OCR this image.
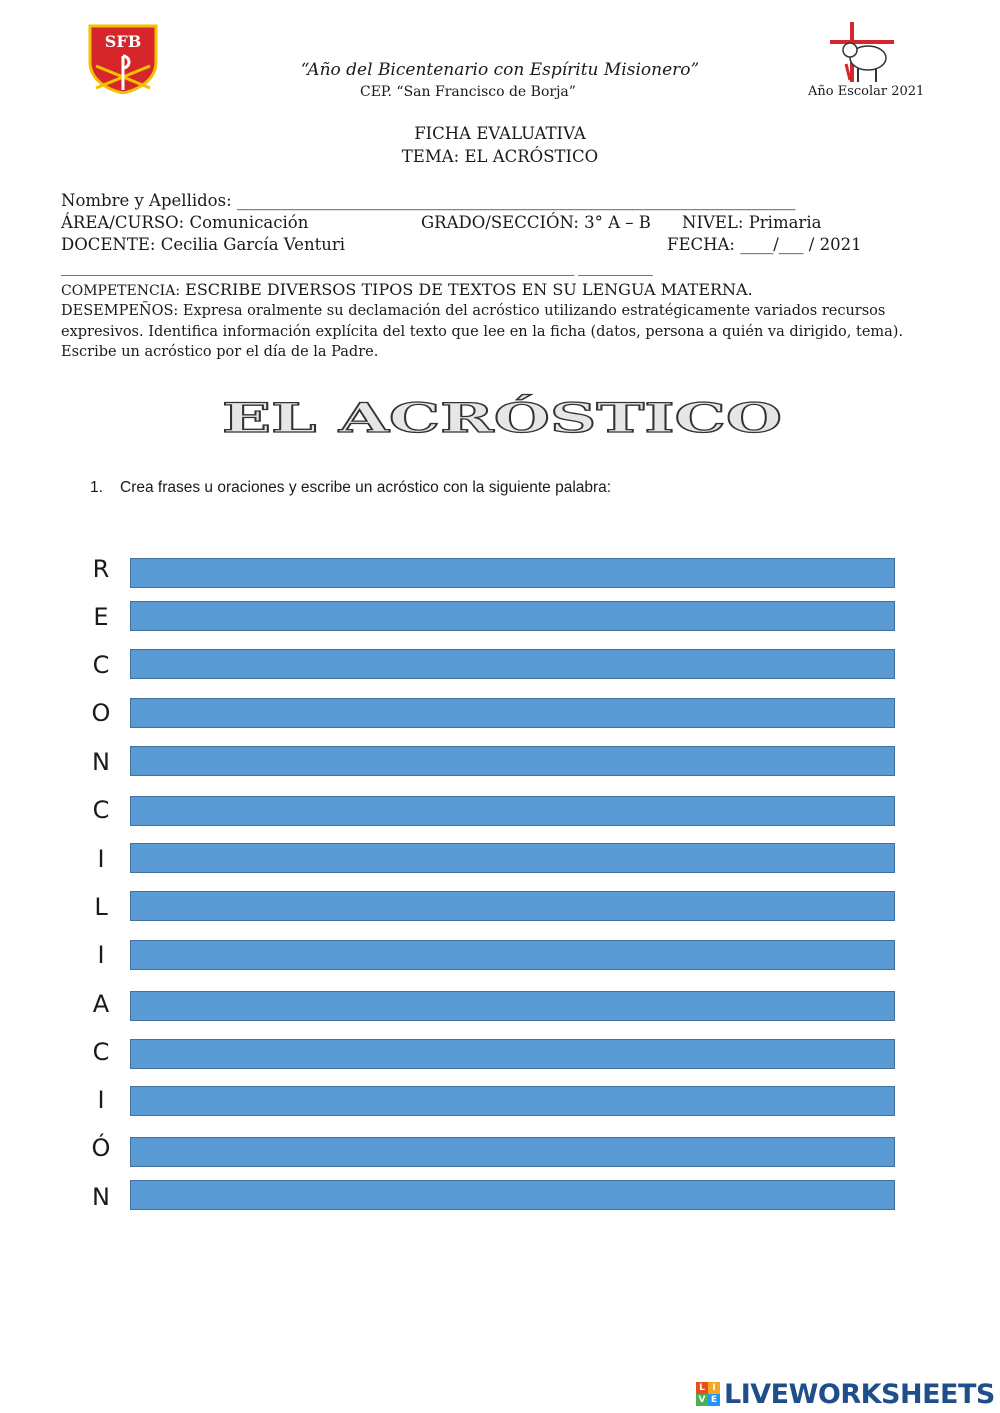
SFB
“Año del Bicentenario con Espíritu Misionero”
CEP. “San Francisco de Borja”	Año Escolar 2021
FICHA EVALUATIVA
TEMA: EL ACRÓSTICO
Nombre y Apellidos: ________________________________________________________________________
ÁREA/CURSO: Comunicación	GRADO/SECCIÓN: 3° A – B NIVEL: Primaria
DOCENTE: Cecilia García Venturi	FECHA: ____/___ / 2021
____________________________________________________________________________ ___________
COMPETENCIA: ESCRIBE DIVERSOS TIPOS DE TEXTOS EN SU LENGUA MATERNA.
DESEMPEÑOS: Expresa oralmente su declamación del acróstico utilizando estratégicamente variados recursos expresivos. Identifica información explícita del texto que lee en la ficha (datos, persona a quién va dirigido, tema). Escribe un acróstico por el día de la Padre.
EL ACRÓSTICO
1. Crea frases u oraciones y escribe un acróstico con la siguiente palabra:
R
E
C
O
N
C
I
L
I
A
C
I
Ó
N
L I
V E LIVEWORKSHEETS
